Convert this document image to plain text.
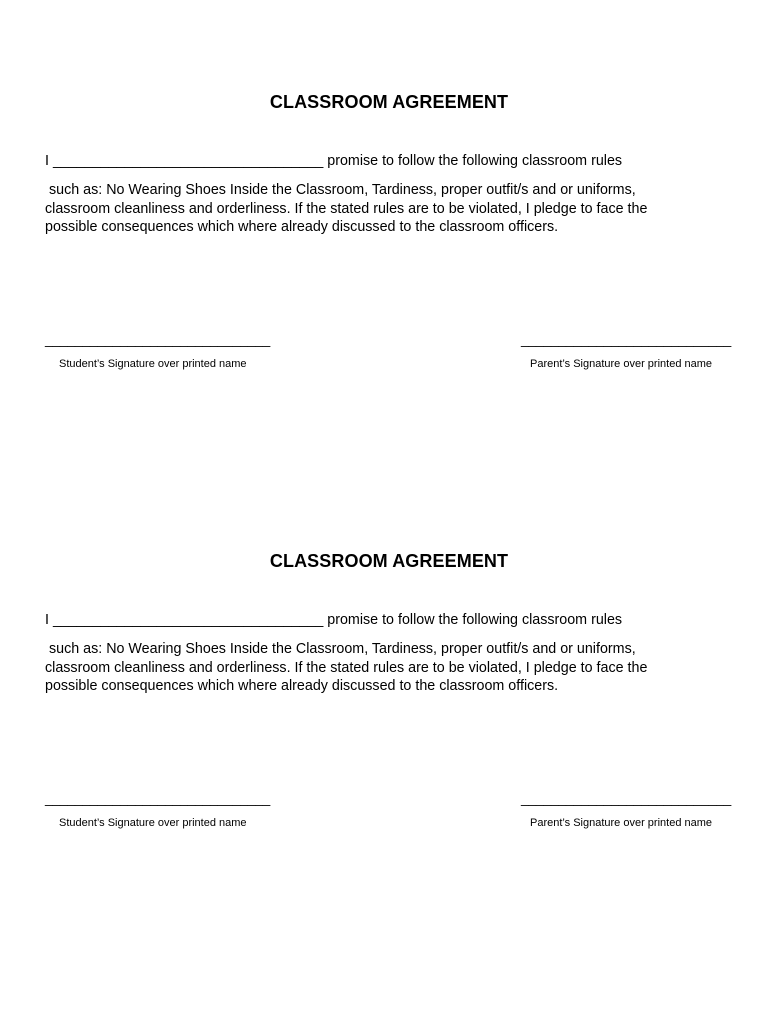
CLASSROOM AGREEMENT
I __________________________________ promise to follow the following classroom rules
such as: No Wearing Shoes Inside the Classroom, Tardiness, proper outfit/s and or uniforms,
classroom cleanliness and orderliness. If the stated rules are to be violated, I pledge to face the
possible consequences which where already discussed to the classroom officers.
______________________________	____________________________
Student’s Signature over printed name	Parent’s Signature over printed name
CLASSROOM AGREEMENT
I __________________________________ promise to follow the following classroom rules
such as: No Wearing Shoes Inside the Classroom, Tardiness, proper outfit/s and or uniforms,
classroom cleanliness and orderliness. If the stated rules are to be violated, I pledge to face the
possible consequences which where already discussed to the classroom officers.
______________________________	____________________________
Student’s Signature over printed name	Parent’s Signature over printed name
